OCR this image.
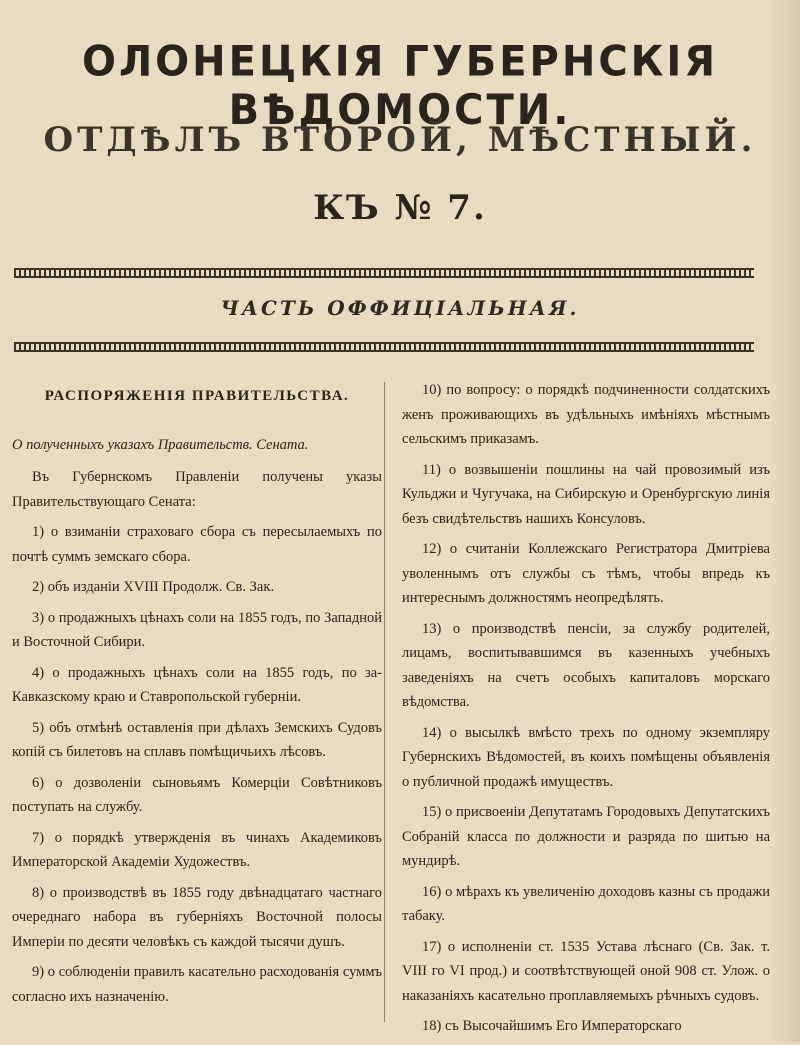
ОЛОНЕЦКІЯ ГУБЕРНСКІЯ ВѢДОМОСТИ.
ОТДѢЛЪ ВТОРОЙ, МѢСТНЫЙ.
КЪ № 7.
ЧАСТЬ ОФФИЦІАЛЬНАЯ.
РАСПОРЯЖЕНІЯ ПРАВИТЕЛЬСТВА.
О полученныхъ указахъ Правительств. Сената.
Въ Губернскомъ Правленіи получены указы Правительствующаго Сената:
1) о взиманіи страховаго сбора съ пересылаемыхъ по почтѣ суммъ земскаго сбора.
2) объ изданіи XVIII Продолж. Св. Зак.
3) о продажныхъ цѣнахъ соли на 1855 годъ, по Западной и Восточной Сибири.
4) о продажныхъ цѣнахъ соли на 1855 годъ, по за-Кавказскому краю и Ставропольской губерніи.
5) объ отмѣнѣ оставленія при дѣлахъ Земскихъ Судовъ копій съ билетовъ на сплавъ помѣщичьихъ лѣсовъ.
6) о дозволеніи сыновьямъ Комерціи Совѣтниковъ поступать на службу.
7) о порядкѣ утвержденія въ чинахъ Академиковъ Императорской Академіи Художествъ.
8) о производствѣ въ 1855 году двѣнадцатаго частнаго очереднаго набора въ губерніяхъ Восточной полосы Имперіи по десяти человѣкъ съ каждой тысячи душъ.
9) о соблюденіи правилъ касательно расходованія суммъ согласно ихъ назначенію.
10) по вопросу: о порядкѣ подчиненности солдатскихъ женъ проживающихъ въ удѣльныхъ имѣніяхъ мѣстнымъ сельскимъ приказамъ.
11) о возвышеніи пошлины на чай провозимый изъ Кульджи и Чугучака, на Сибирскую и Оренбургскую линія безъ свидѣтельствъ нашихъ Консуловъ.
12) о считаніи Коллежскаго Регистратора Дмитріева уволеннымъ отъ службы съ тѣмъ, чтобы впредь къ интереснымъ должностямъ неопредѣлять.
13) о производствѣ пенсіи, за службу родителей, лицамъ, воспитывавшимся въ казенныхъ учебныхъ заведеніяхъ на счетъ особыхъ капиталовъ морскаго вѣдомства.
14) о высылкѣ вмѣсто трехъ по одному экземпляру Губернскихъ Вѣдомостей, въ коихъ помѣщены объявленія о публичной продажѣ имуществъ.
15) о присвоеніи Депутатамъ Городовыхъ Депутатскихъ Собраній класса по должности и разряда по шитью на мундирѣ.
16) о мѣрахъ къ увеличенію доходовъ казны съ продажи табаку.
17) о исполненіи ст. 1535 Устава лѣснаго (Св. Зак. т. VIII го VI прод.) и соотвѣтствующей оной 908 ст. Улож. о наказаніяхъ касательно проплавляемыхъ рѣчныхъ судовъ.
18) съ Высочайшимъ Его Императорскаго
